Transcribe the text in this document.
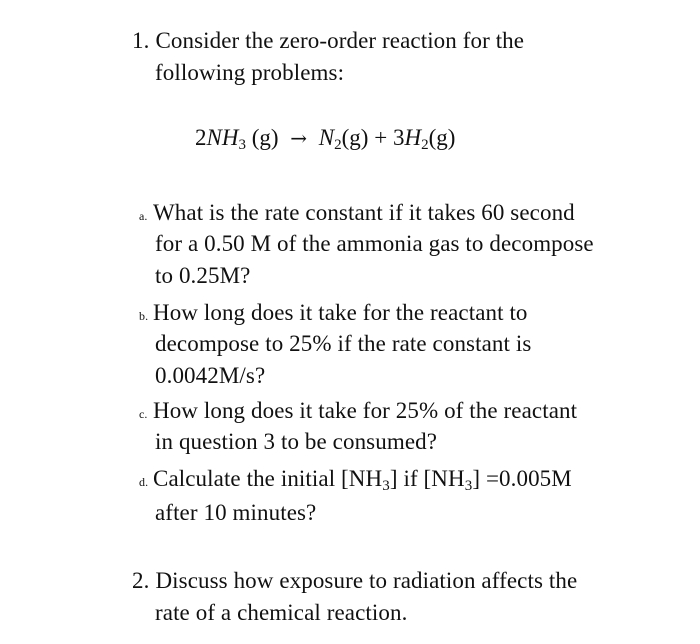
1. Consider the zero-order reaction for the
following problems:
$2NH_3$ $(g) \to N_2(g) + 3H_2(g)$
a. What is the rate constant if it takes 60 second
for a 0.50 M of the ammonia gas to decompose
to 0.25M?
b. How long does it take for the reactant to
decompose to 25% if the rate constant is
0.0042M/s?
c. How long does it take for 25% of the reactant
in question 3 to be consumed?
d. Calculate the initial $[NH_3]$ if $[NH_3] =0.005M$
after 10 minutes?
2. Discuss how exposure to radiation affects the
rate of a chemical reaction.
